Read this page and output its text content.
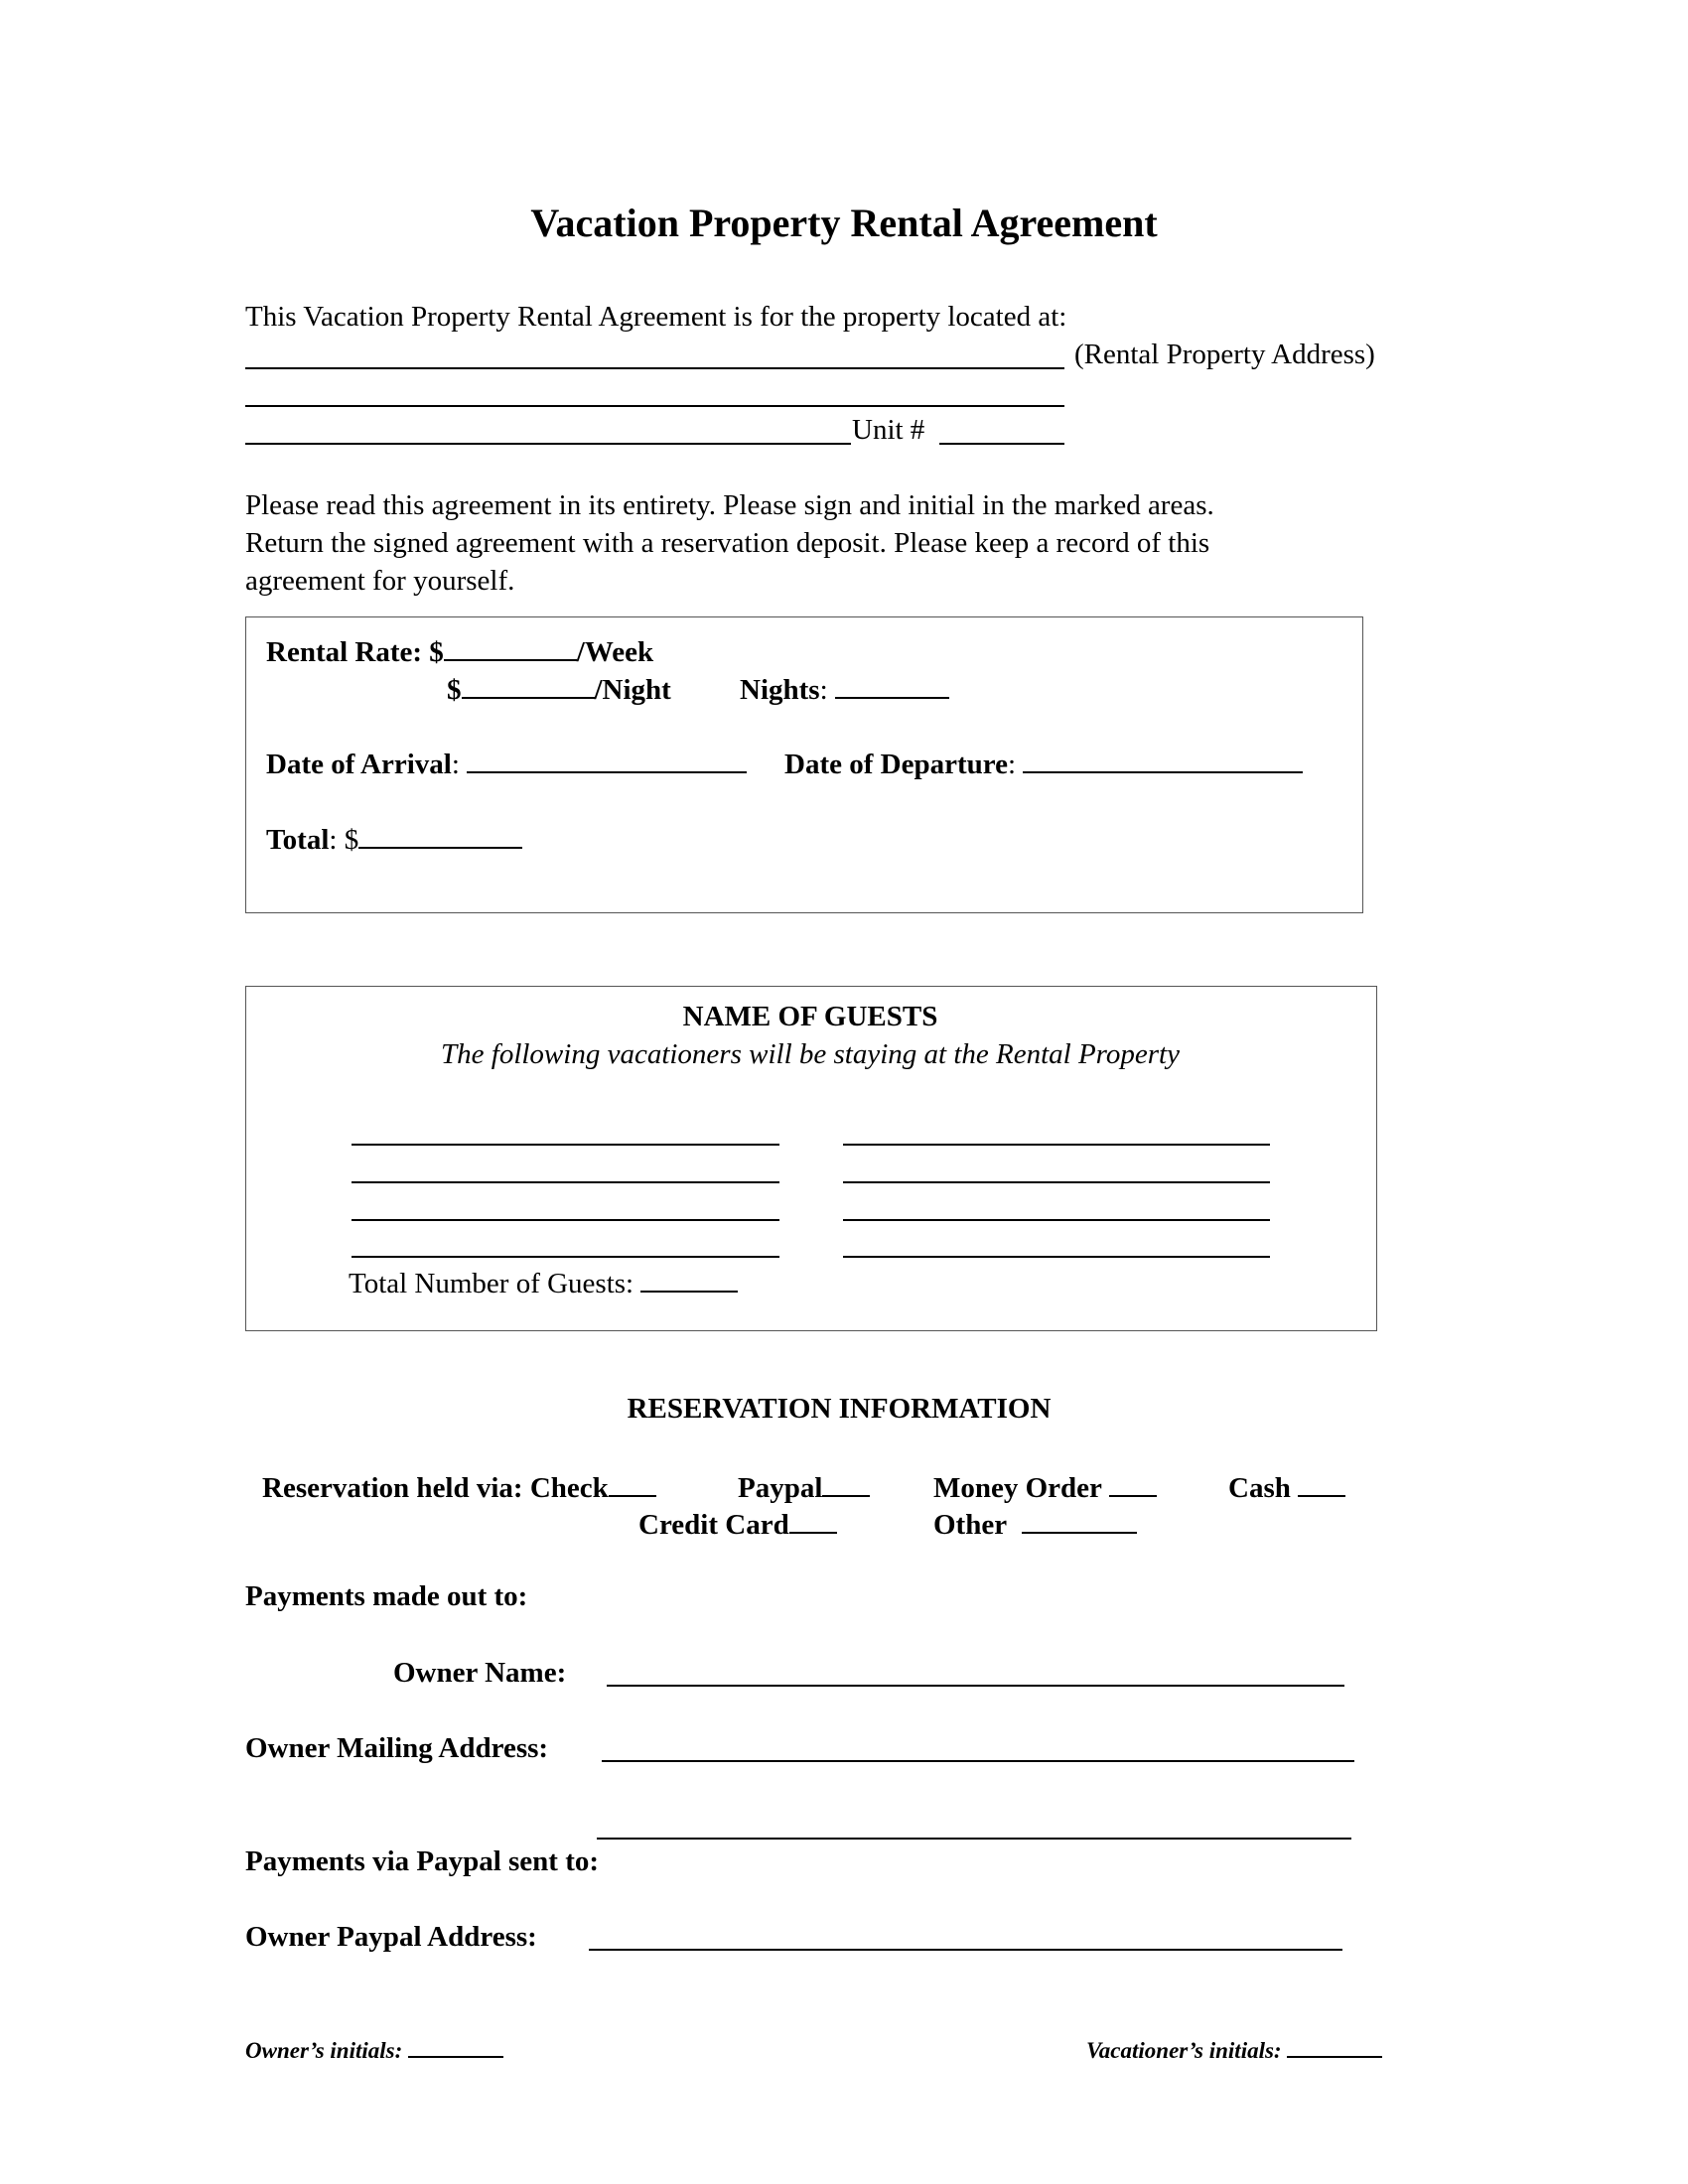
Vacation Property Rental Agreement
This Vacation Property Rental Agreement is for the property located at:
(Rental Property Address)
Unit #
Please read this agreement in its entirety. Please sign and initial in the marked areas.
Return the signed agreement with a reservation deposit. Please keep a record of this
agreement for yourself.
Rental Rate: $	/Week
$	/Night Nights:
Date of Arrival:	Date of Departure:
Total: $
NAME OF GUESTS
The following vacationers will be staying at the Rental Property
Total Number of Guests:
RESERVATION INFORMATION
Reservation held via: Check	Paypal	Money Order	Cash
Credit Card	Other
Payments made out to:
Owner Name:
Owner Mailing Address:
Payments via Paypal sent to:
Owner Paypal Address:
Owner’s initials:	Vacationer’s initials:
